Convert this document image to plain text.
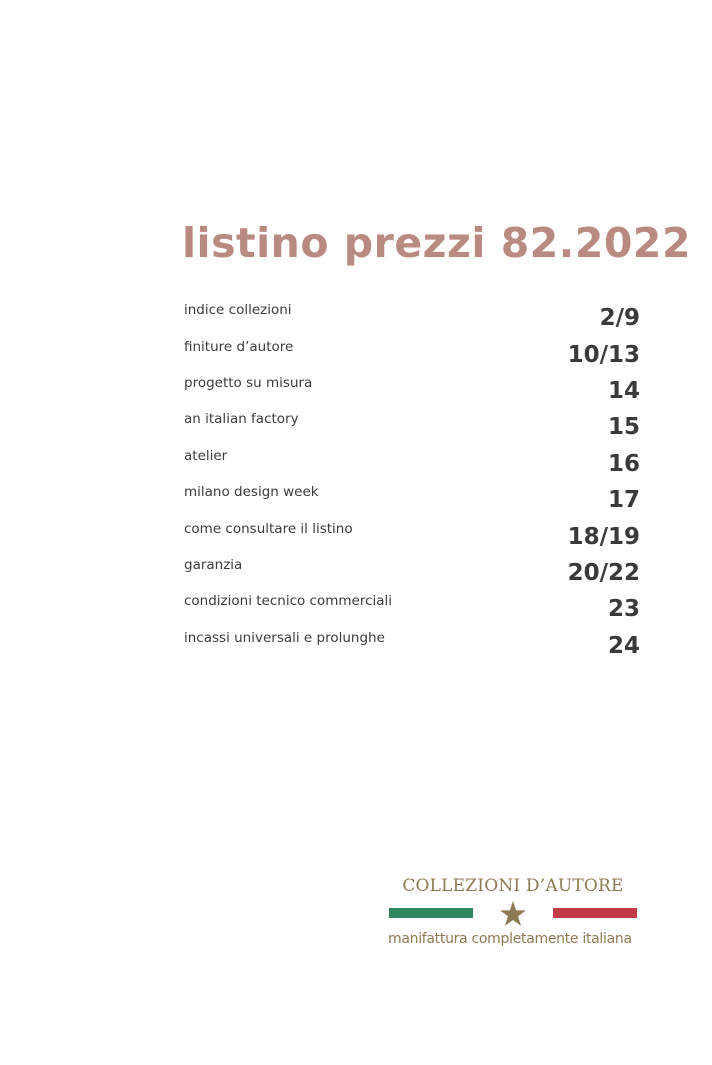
listino prezzi 82.2022
indice collezioni	2/9
finiture d’autore	10/13
progetto su misura	14
an italian factory	15
atelier	16
milano design week	17
come consultare il listino	18/19
garanzia	20/22
condizioni tecnico commerciali	23
incassi universali e prolunghe	24
COLLEZIONI D’AUTORE
manifattura completamente italiana
